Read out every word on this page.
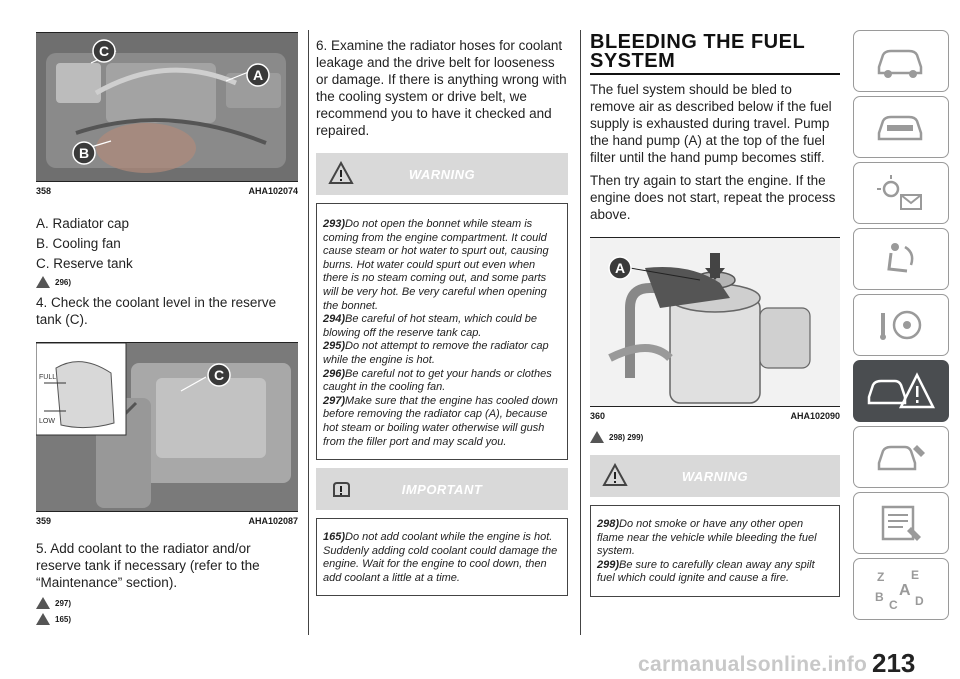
C
A
B
358	AHA102074
A. Radiator cap
B. Cooling fan
C. Reserve tank
296)
4. Check the coolant level in the reserve tank (C).
FULL
LOW
C
359	AHA102087
5. Add coolant to the radiator and/or reserve tank if necessary (refer to the “Maintenance” section).
297)
165)
6. Examine the radiator hoses for coolant leakage and the drive belt for looseness or damage. If there is anything wrong with the cooling system or drive belt, we recommend you to have it checked and repaired.
WARNING

293)Do not open the bonnet while steam is coming from the engine compartment. It could cause steam or hot water to spurt out, causing burns. Hot water could spurt out even when there is no steam coming out, and some parts will be very hot. Be very careful when opening the bonnet.

294)Be careful of hot steam, which could be blowing off the reserve tank cap.

295)Do not attempt to remove the radiator cap while the engine is hot.

296)Be careful not to get your hands or clothes caught in the cooling fan.

297)Make sure that the engine has cooled down before removing the radiator cap (A), because hot steam or boiling water otherwise will gush from the filler port and may scald you.

IMPORTANT

165)Do not add coolant while the engine is hot. Suddenly adding cold coolant could damage the engine. Wait for the engine to cool down, then add coolant a little at a time.

BLEEDING THE FUEL
SYSTEM
The fuel system should be bled to remove air as described below if the fuel supply is exhausted during travel. Pump the hand pump (A) at the top of the fuel filter until the hand pump becomes stiff.
Then try again to start the engine. If the engine does not start, repeat the process above.
A
360	AHA102090
298) 299)
WARNING

298)Do not smoke or have any other open flame near the vehicle while bleeding the fuel system.

299)Be sure to carefully clean away any spilt fuel which could ignite and cause a fire.	Z E
B A
C D
carmanualsonline.info 213
